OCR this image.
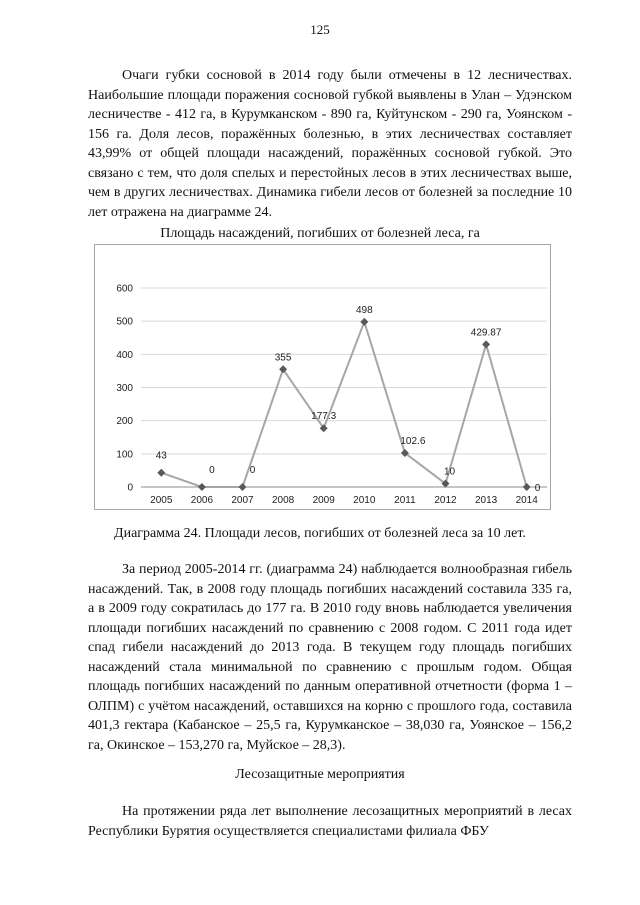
125

Очаги губки сосновой в 2014 году были отмечены в 12 лесничествах. Наибольшие площади поражения сосновой губкой выявлены в Улан – Удэнском лесничестве - 412 га, в Курумканском - 890 га, Куйтунском - 290 га, Уоянском - 156 га. Доля лесов, поражённых болезнью, в этих лесничествах составляет 43,99% от общей площади насаждений, поражённых сосновой губкой. Это связано с тем, что доля спелых и перестойных лесов в этих лесничествах выше, чем в других лесничествах. Динамика гибели лесов от болезней за последние 10 лет отражена на диаграмме 24.

Площадь насаждений, погибших от болезней леса, га
0
100
200
300
400
500
600
2005 2006 2007 2008 2009 2010 2011 2012 2013 2014
43
0	0
355
177.3
498
102.6
10
429.87
0
Диаграмма 24. Площади лесов, погибших от болезней леса за 10 лет.

За период 2005-2014 гг. (диаграмма 24) наблюдается волнообразная гибель насаждений. Так, в 2008 году площадь погибших насаждений составила 335 га, а в 2009 году сократилась до 177 га. В 2010 году вновь наблюдается увеличения площади погибших насаждений по сравнению с 2008 годом. С 2011 года идет спад гибели насаждений до 2013 года. В текущем году площадь погибших насаждений стала минимальной по сравнению с прошлым годом. Общая площадь погибших насаждений по данным оперативной отчетности (форма 1 – ОЛПМ) с учётом насаждений, оставшихся на корню с прошлого года, составила 401,3 гектара (Кабанское – 25,5 га, Курумканское – 38,030 га, Уоянское – 156,2 га, Окинское – 153,270 га, Муйское – 28,3).

Лесозащитные мероприятия

На протяжении ряда лет выполнение лесозащитных мероприятий в лесах Республики Бурятия осуществляется специалистами филиала ФБУ
